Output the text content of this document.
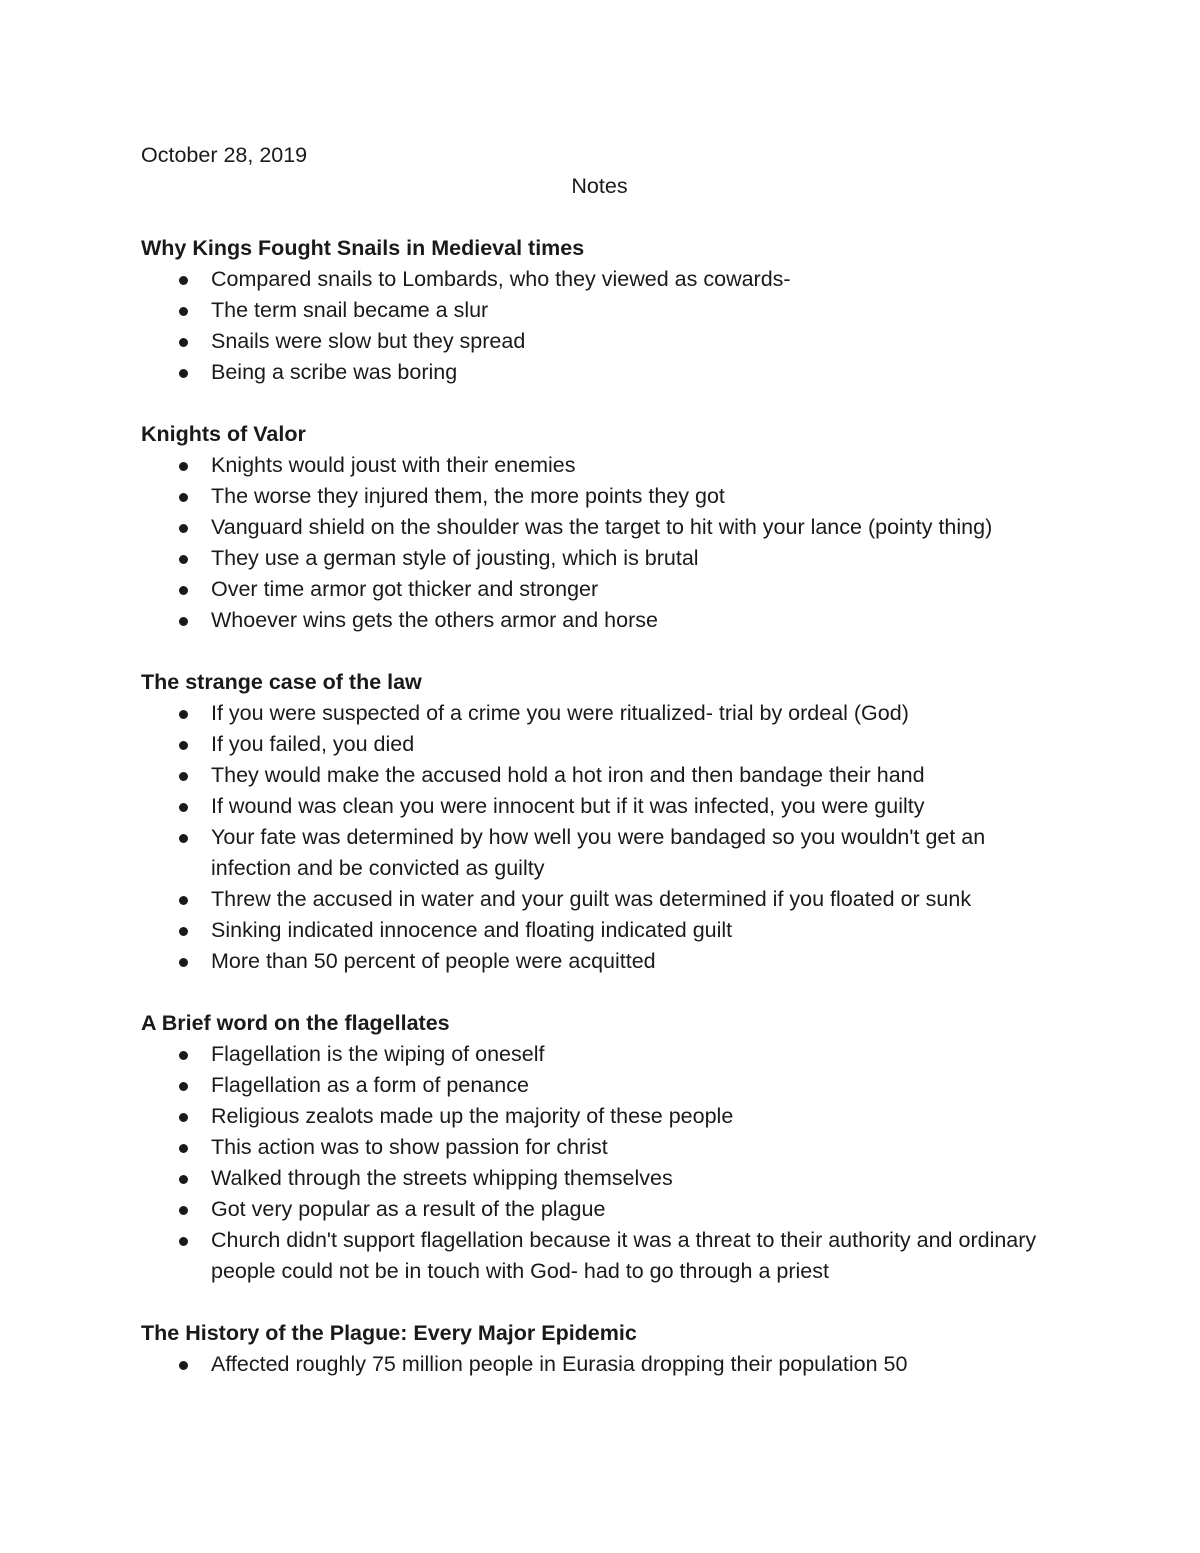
October 28, 2019

Notes

Why Kings Fought Snails in Medieval times

Compared snails to Lombards, who they viewed as cowards-
The term snail became a slur
Snails were slow but they spread
Being a scribe was boring

Knights of Valor

Knights would joust with their enemies
The worse they injured them, the more points they got
Vanguard shield on the shoulder was the target to hit with your lance (pointy thing)
They use a german style of jousting, which is brutal
Over time armor got thicker and stronger
Whoever wins gets the others armor and horse

The strange case of the law

If you were suspected of a crime you were ritualized- trial by ordeal (God)
If you failed, you died
They would make the accused hold a hot iron and then bandage their hand
If wound was clean you were innocent but if it was infected, you were guilty
Your fate was determined by how well you were bandaged so you wouldn't get an infection and be convicted as guilty
Threw the accused in water and your guilt was determined if you floated or sunk
Sinking indicated innocence and floating indicated guilt
More than 50 percent of people were acquitted

A Brief word on the flagellates

Flagellation is the wiping of oneself
Flagellation as a form of penance
Religious zealots made up the majority of these people
This action was to show passion for christ
Walked through the streets whipping themselves
Got very popular as a result of the plague
Church didn't support flagellation because it was a threat to their authority and ordinary people could not be in touch with God- had to go through a priest

The History of the Plague: Every Major Epidemic

Affected roughly 75 million people in Eurasia dropping their population 50
